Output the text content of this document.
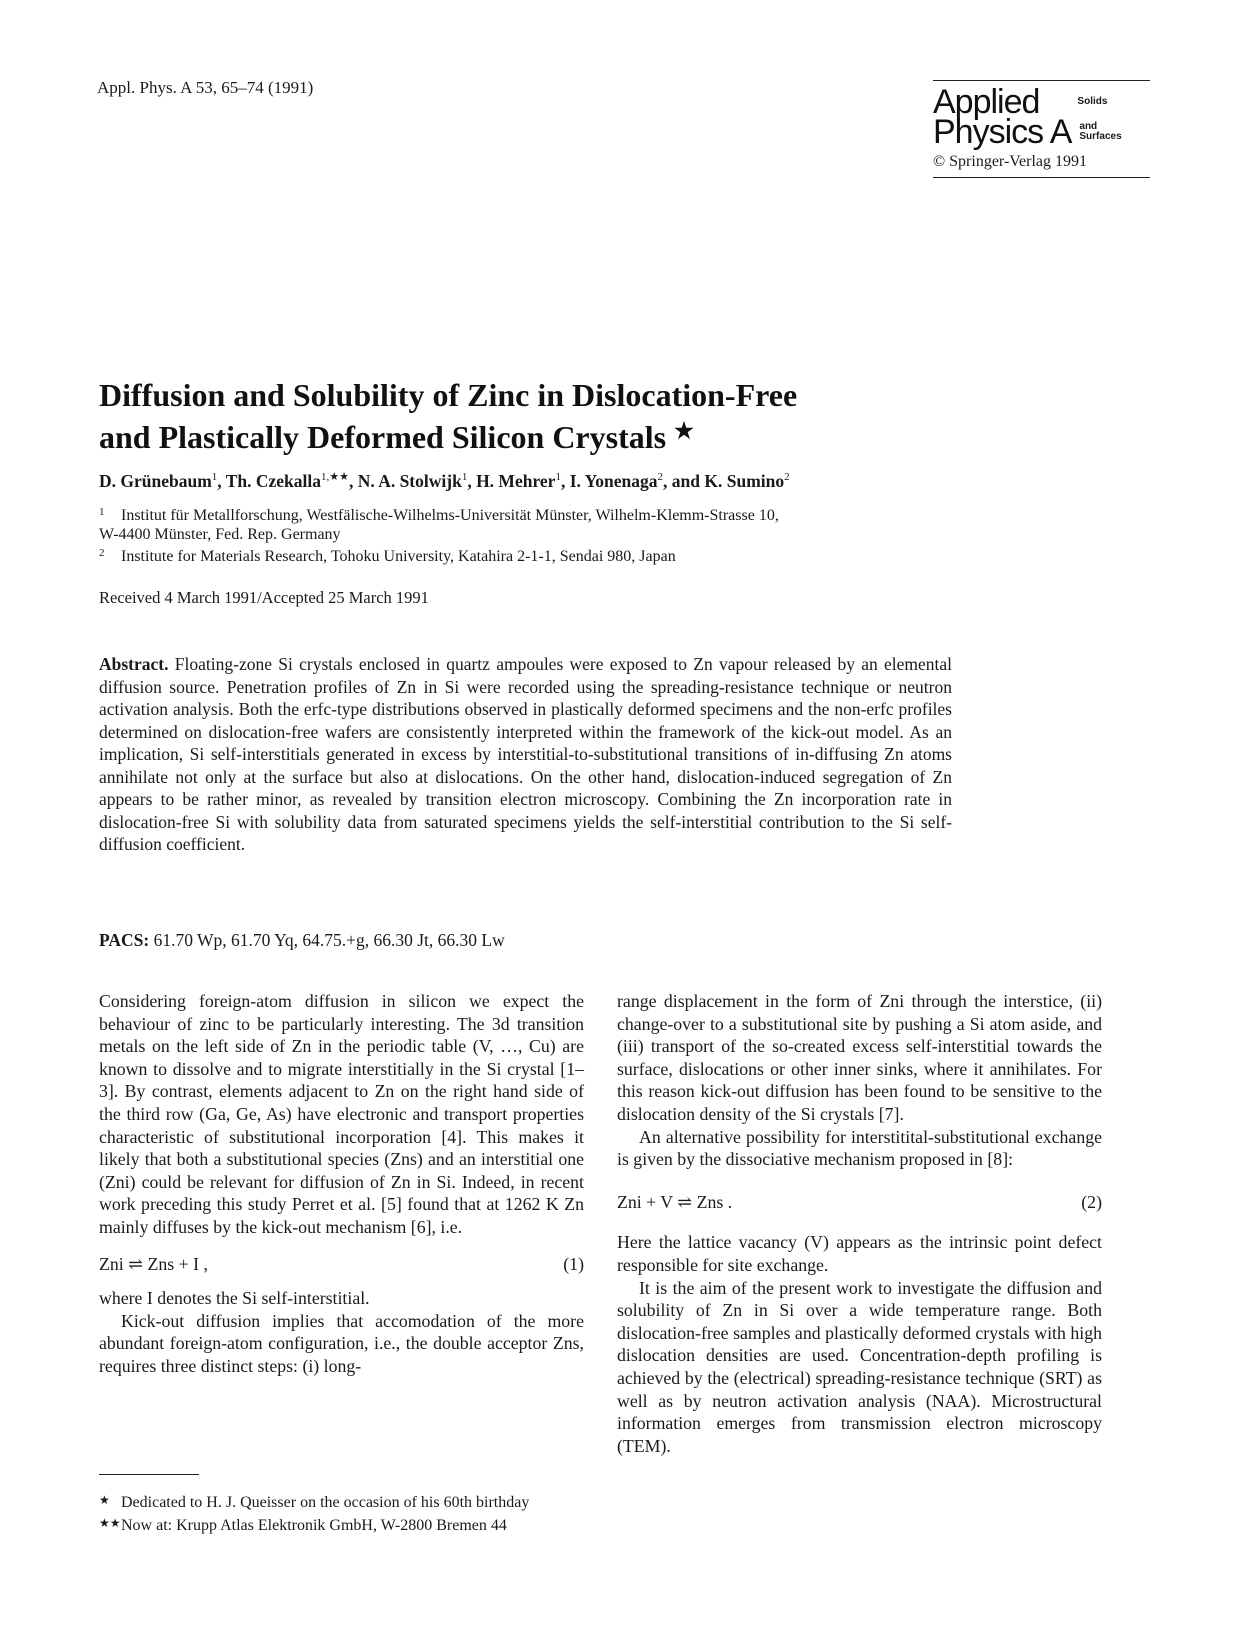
Appl. Phys. A 53, 65–74 (1991)	Applied	Solids
Physics A and
Surfaces
© Springer-Verlag 1991
Diffusion and Solubility of Zinc in Dislocation-Free
and Plastically Deformed Silicon Crystals ★
D. Grünebaum$^1$, Th. Czekalla$^{1,★★}$, N. A. Stolwijk$^1$, H. Mehrer$^1$, I. Yonenaga$^2$, and K. Sumino$^2$
1 Institut für Metallforschung, Westfälische-Wilhelms-Universität Münster, Wilhelm-Klemm-Strasse 10,
W-4400 Münster, Fed. Rep. Germany
2 Institute for Materials Research, Tohoku University, Katahira 2-1-1, Sendai 980, Japan
Received 4 March 1991/Accepted 25 March 1991
Abstract. Floating-zone Si crystals enclosed in quartz ampoules were exposed to Zn vapour released by an elemental diffusion source. Penetration profiles of Zn in Si were recorded using the spreading-resistance technique or neutron activation analysis. Both the erfc-type distributions observed in plastically deformed specimens and the non-erfc profiles determined on dislocation-free wafers are consistently interpreted within the framework of the kick-out model. As an implication, Si self-interstitials generated in excess by interstitial-to-substitutional transitions of in-diffusing Zn atoms annihilate not only at the surface but also at dislocations. On the other hand, dislocation-induced segregation of Zn appears to be rather minor, as revealed by transition electron microscopy. Combining the Zn incorporation rate in dislocation-free Si with solubility data from saturated specimens yields the self-interstitial contribution to the Si self-diffusion coefficient.
PACS: 61.70 Wp, 61.70 Yq, 64.75.+g, 66.30 Jt, 66.30 Lw

Considering foreign-atom diffusion in silicon we expect the behaviour of zinc to be particularly interesting. The 3d transition metals on the left side of Zn in the periodic table (V, …, Cu) are known to dissolve and to migrate interstitially in the Si crystal [1–3]. By contrast, elements adjacent to Zn on the right hand side of the third row (Ga, Ge, As) have electronic and transport properties characteristic of substitutional incorporation [4]. This makes it likely that both a substitutional species (Zns) and an interstitial one (Zni) could be relevant for diffusion of Zn in Si. Indeed, in recent work preceding this study Perret et al. [5] found that at 1262 K Zn mainly diffuses by the kick-out mechanism [6], i.e.

Zni ⇌ Zns + I ,	(1)

where I denotes the Si self-interstitial.

Kick-out diffusion implies that accomodation of the more abundant foreign-atom configuration, i.e., the double acceptor Zns, requires three distinct steps: (i) long-

range displacement in the form of Zni through the interstice, (ii) change-over to a substitutional site by pushing a Si atom aside, and (iii) transport of the so-created excess self-interstitial towards the surface, dislocations or other inner sinks, where it annihilates. For this reason kick-out diffusion has been found to be sensitive to the dislocation density of the Si crystals [7].

An alternative possibility for interstitital-substitutional exchange is given by the dissociative mechanism proposed in [8]:

Zni + V ⇌ Zns .	(2)

Here the lattice vacancy (V) appears as the intrinsic point defect responsible for site exchange.

It is the aim of the present work to investigate the diffusion and solubility of Zn in Si over a wide temperature range. Both dislocation-free samples and plastically deformed crystals with high dislocation densities are used. Concentration-depth profiling is achieved by the (electrical) spreading-resistance technique (SRT) as well as by neutron activation analysis (NAA). Microstructural information emerges from transmission electron microscopy (TEM).

★ Dedicated to H. J. Queisser on the occasion of his 60th birthday
★★Now at: Krupp Atlas Elektronik GmbH, W-2800 Bremen 44
